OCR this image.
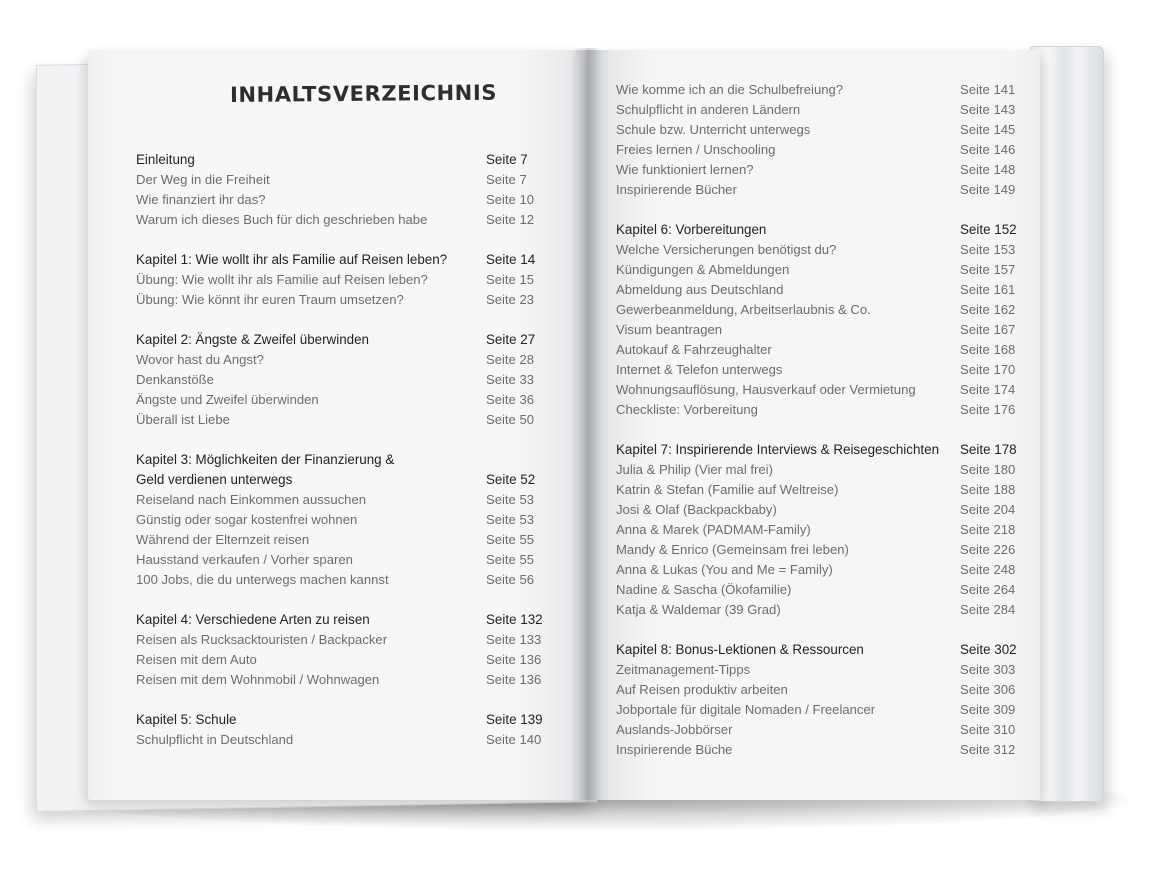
INHALTSVERZEICHNIS
Einleitung	Seite 7
Der Weg in die Freiheit	Seite 7
Wie finanziert ihr das?	Seite 10
Warum ich dieses Buch für dich geschrieben habe	Seite 12
Kapitel 1: Wie wollt ihr als Familie auf Reisen leben?	Seite 14
Übung: Wie wollt ihr als Familie auf Reisen leben?	Seite 15
Übung: Wie könnt ihr euren Traum umsetzen?	Seite 23
Kapitel 2: Ängste & Zweifel überwinden	Seite 27
Wovor hast du Angst?	Seite 28
Denkanstöße	Seite 33
Ängste und Zweifel überwinden	Seite 36
Überall ist Liebe	Seite 50
Kapitel 3: Möglichkeiten der Finanzierung &
Geld verdienen unterwegs	Seite 52
Reiseland nach Einkommen aussuchen	Seite 53
Günstig oder sogar kostenfrei wohnen	Seite 53
Während der Elternzeit reisen	Seite 55
Hausstand verkaufen / Vorher sparen	Seite 55
100 Jobs, die du unterwegs machen kannst	Seite 56
Kapitel 4: Verschiedene Arten zu reisen	Seite 132
Reisen als Rucksacktouristen / Backpacker	Seite 133
Reisen mit dem Auto	Seite 136
Reisen mit dem Wohnmobil / Wohnwagen	Seite 136
Kapitel 5: Schule	Seite 139
Schulpflicht in Deutschland	Seite 140
Wie komme ich an die Schulbefreiung?	Seite 141
Schulpflicht in anderen Ländern	Seite 143
Schule bzw. Unterricht unterwegs	Seite 145
Freies lernen / Unschooling	Seite 146
Wie funktioniert lernen?	Seite 148
Inspirierende Bücher	Seite 149
Kapitel 6: Vorbereitungen	Seite 152
Welche Versicherungen benötigst du?	Seite 153
Kündigungen & Abmeldungen	Seite 157
Abmeldung aus Deutschland	Seite 161
Gewerbeanmeldung, Arbeitserlaubnis & Co.	Seite 162
Visum beantragen	Seite 167
Autokauf & Fahrzeughalter	Seite 168
Internet & Telefon unterwegs	Seite 170
Wohnungsauflösung, Hausverkauf oder Vermietung	Seite 174
Checkliste: Vorbereitung	Seite 176
Kapitel 7: Inspirierende Interviews & Reisegeschichten	Seite 178
Julia & Philip (Vier mal frei)	Seite 180
Katrin & Stefan (Familie auf Weltreise)	Seite 188
Josi & Olaf (Backpackbaby)	Seite 204
Anna & Marek (PADMAM-Family)	Seite 218
Mandy & Enrico (Gemeinsam frei leben)	Seite 226
Anna & Lukas (You and Me = Family)	Seite 248
Nadine & Sascha (Ökofamilie)	Seite 264
Katja & Waldemar (39 Grad)	Seite 284
Kapitel 8: Bonus-Lektionen & Ressourcen	Seite 302
Zeitmanagement-Tipps	Seite 303
Auf Reisen produktiv arbeiten	Seite 306
Jobportale für digitale Nomaden / Freelancer	Seite 309
Auslands-Jobbörser	Seite 310
Inspirierende Büche	Seite 312
